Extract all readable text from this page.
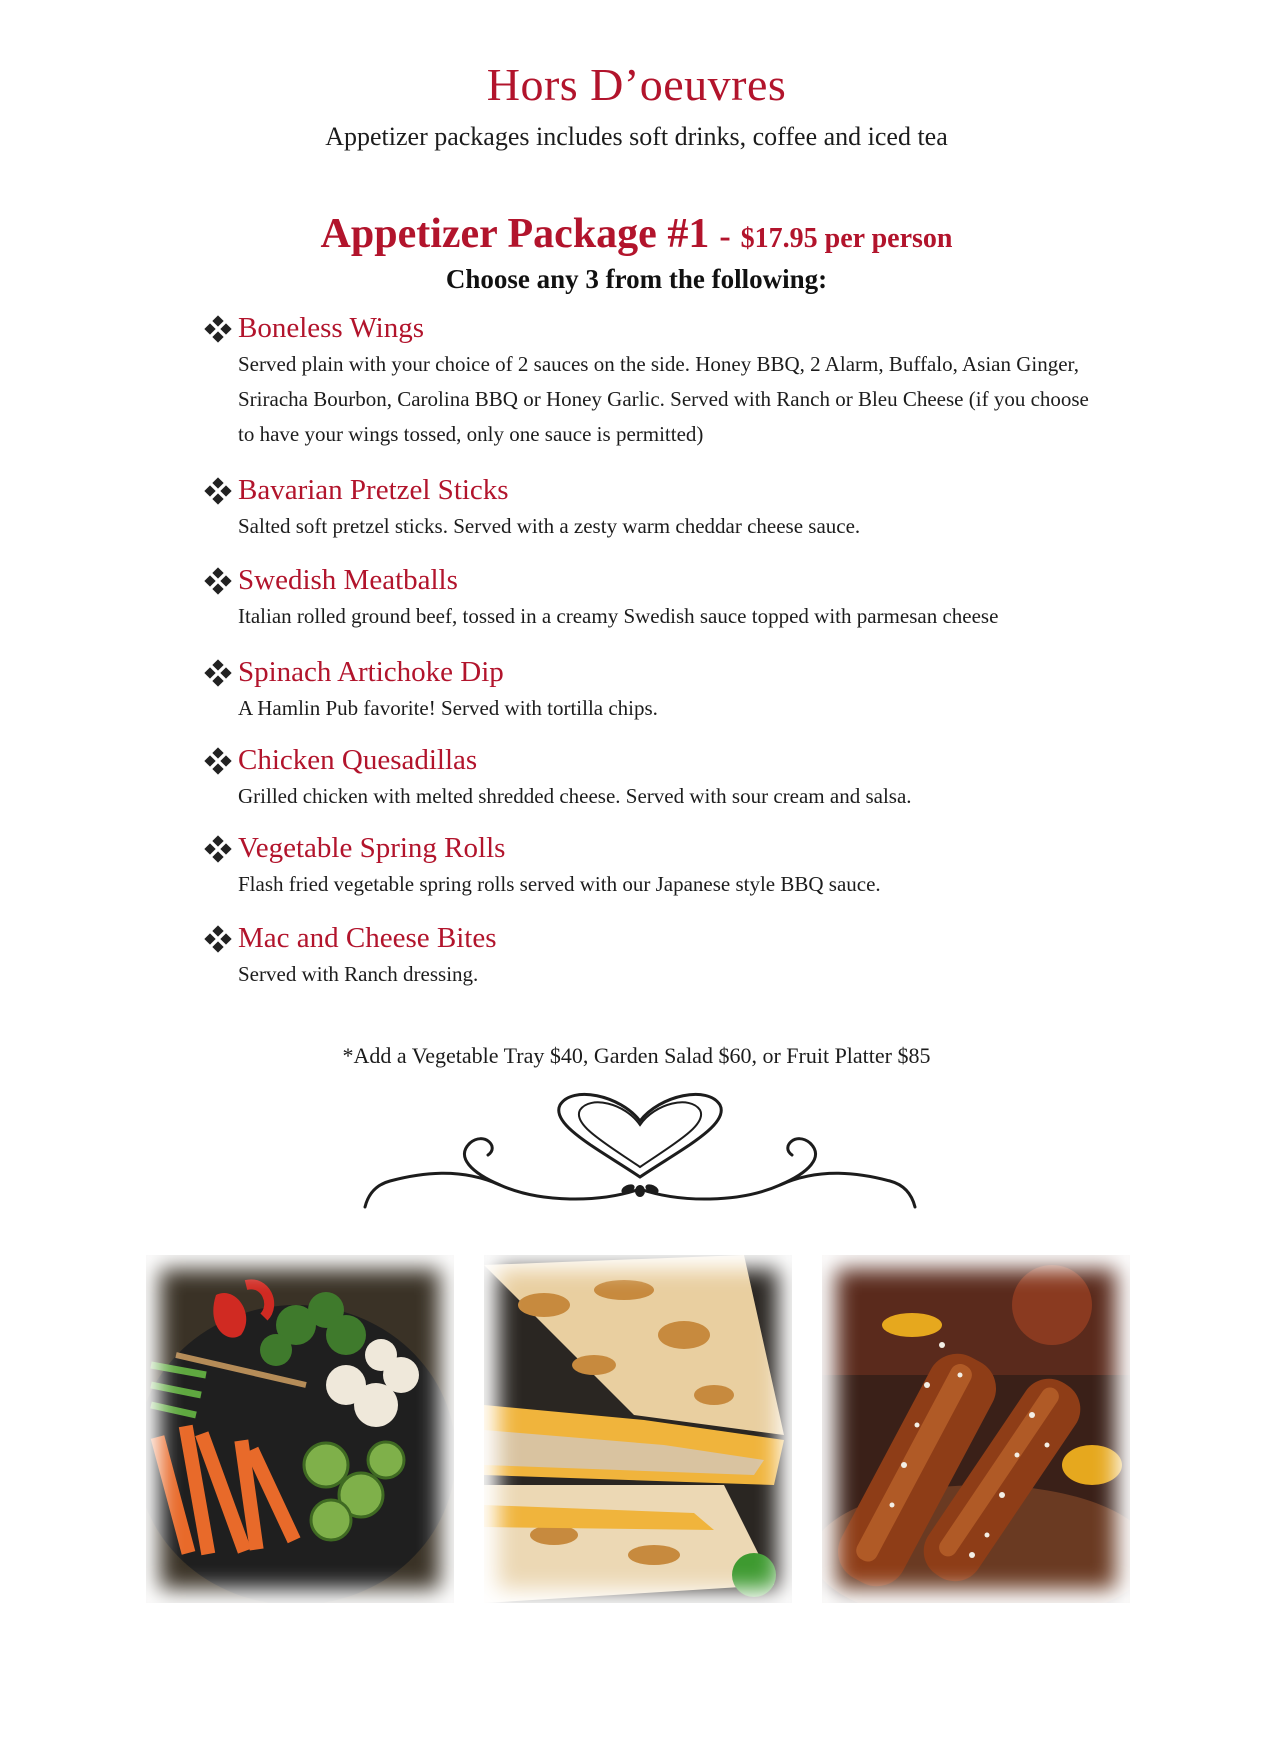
Hors D’oeuvres
Appetizer packages includes soft drinks, coffee and iced tea
Appetizer Package #1 - $17.95 per person
Choose any 3 from the following:
Boneless Wings
Served plain with your choice of 2 sauces on the side. Honey BBQ, 2 Alarm, Buffalo, Asian Ginger, Sriracha Bourbon, Carolina BBQ or Honey Garlic. Served with Ranch or Bleu Cheese (if you choose to have your wings tossed, only one sauce is permitted)
Bavarian Pretzel Sticks
Salted soft pretzel sticks. Served with a zesty warm cheddar cheese sauce.
Swedish Meatballs
Italian rolled ground beef, tossed in a creamy Swedish sauce topped with parmesan cheese
Spinach Artichoke Dip
A Hamlin Pub favorite! Served with tortilla chips.
Chicken Quesadillas
Grilled chicken with melted shredded cheese. Served with sour cream and salsa.
Vegetable Spring Rolls
Flash fried vegetable spring rolls served with our Japanese style BBQ sauce.
Mac and Cheese Bites
Served with Ranch dressing.
*Add a Vegetable Tray $40, Garden Salad $60, or Fruit Platter $85
